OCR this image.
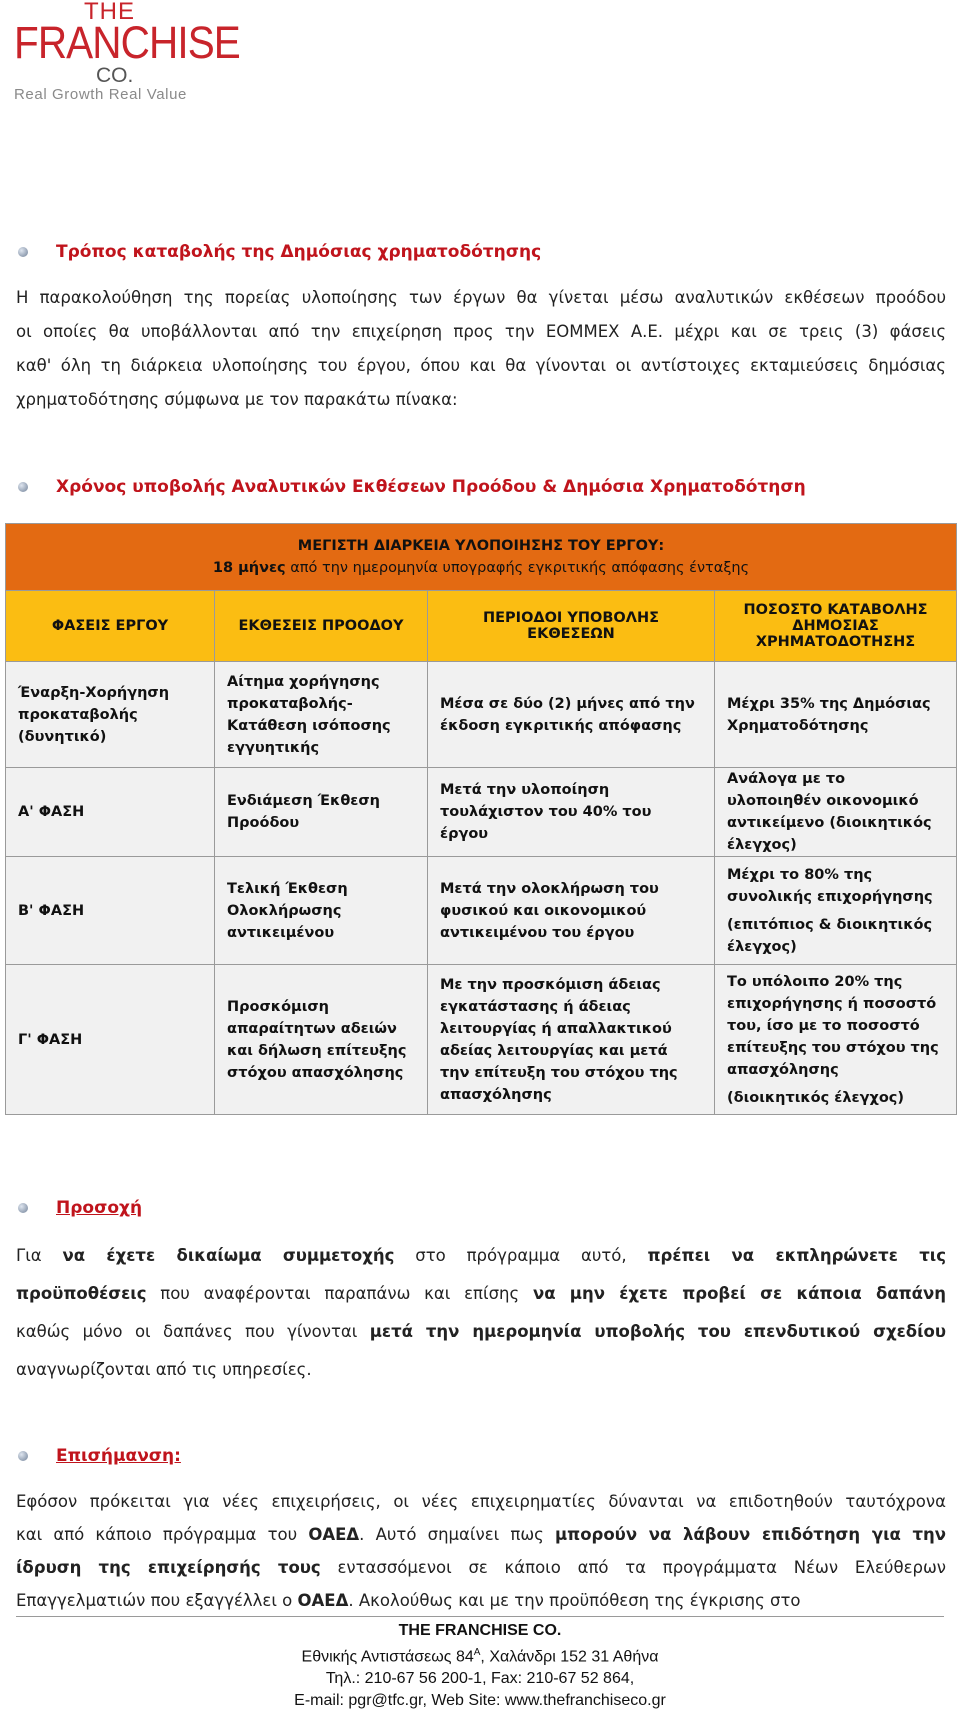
THE
FRANCHISE
CO.
Real Growth Real Value
Τρόπος καταβολής της Δημόσιας χρηματοδότησης
Η παρακολούθηση της πορείας υλοποίησης των έργων θα γίνεται μέσω αναλυτικών εκθέσεων προόδου
οι οποίες θα υποβάλλονται από την επιχείρηση προς την ΕΟΜΜΕΧ Α.Ε. μέχρι και σε τρεις (3) φάσεις
καθ' όλη τη διάρκεια υλοποίησης του έργου, όπου και θα γίνονται οι αντίστοιχες εκταμιεύσεις δημόσιας
χρηματοδότησης σύμφωνα με τον παρακάτω πίνακα:
Χρόνος υποβολής Αναλυτικών Εκθέσεων Προόδου & Δημόσια Χρηματοδότηση
ΜΕΓΙΣΤΗ ΔΙΑΡΚΕΙΑ ΥΛΟΠΟΙΗΣΗΣ ΤΟΥ ΕΡΓΟΥ:
18 μήνες από την ημερομηνία υπογραφής εγκριτικής απόφασης ένταξης			

ΦΑΣΕΙΣ ΕΡΓΟΥ	ΕΚΘΕΣΕΙΣ ΠΡΟΟΔΟΥ	ΠΕΡΙΟΔΟΙ ΥΠΟΒΟΛΗΣ ΕΚΘΕΣΕΩΝ	ΠΟΣΟΣΤΟ ΚΑΤΑΒΟΛΗΣ ΔΗΜΟΣΙΑΣ ΧΡΗΜΑΤΟΔΟΤΗΣΗΣ
Έναρξη-Χορήγηση προκαταβολής (δυνητικό)	Αίτημα χορήγησης προκαταβολής- Κατάθεση ισόποσης εγγυητικής	Μέσα σε δύο (2) μήνες από την έκδοση εγκριτικής απόφασης	Μέχρι 35% της Δημόσιας Χρηματοδότησης
Α' ΦΑΣΗ	Ενδιάμεση Έκθεση Προόδου	Μετά την υλοποίηση τουλάχιστον του 40% του έργου	Ανάλογα με το υλοποιηθέν οικονομικό αντικείμενο (διοικητικός έλεγχος)
Β' ΦΑΣΗ	Τελική Έκθεση Ολοκλήρωσης αντικειμένου	Μετά την ολοκλήρωση του φυσικού και οικονομικού αντικειμένου του έργου	Μέχρι το 80% της συνολικής επιχορήγησης
(επιτόπιος & διοικητικός έλεγχος)

Γ' ΦΑΣΗ	Προσκόμιση απαραίτητων αδειών και δήλωση επίτευξης στόχου απασχόλησης	Με την προσκόμιση άδειας εγκατάστασης ή άδειας λειτουργίας ή απαλλακτικού αδείας λειτουργίας και μετά την επίτευξη του στόχου της απασχόλησης	Το υπόλοιπο 20% της επιχορήγησης ή ποσοστό του, ίσο με το ποσοστό επίτευξης του στόχου της απασχόλησης
(διοικητικός έλεγχος)
Προσοχή
Για να έχετε δικαίωμα συμμετοχής στο πρόγραμμα αυτό, πρέπει να εκπληρώνετε τις
προϋποθέσεις που αναφέρονται παραπάνω και επίσης να μην έχετε προβεί σε κάποια δαπάνη
καθώς μόνο οι δαπάνες που γίνονται μετά την ημερομηνία υποβολής του επενδυτικού σχεδίου
αναγνωρίζονται από τις υπηρεσίες.
Επισήμανση:
Εφόσον πρόκειται για νέες επιχειρήσεις, οι νέες επιχειρηματίες δύνανται να επιδοτηθούν ταυτόχρονα
και από κάποιο πρόγραμμα του ΟΑΕΔ. Αυτό σημαίνει πως μπορούν να λάβουν επιδότηση για την
ίδρυση της επιχείρησής τους εντασσόμενοι σε κάποιο από τα προγράμματα Νέων Ελεύθερων
Επαγγελματιών που εξαγγέλλει ο ΟΑΕΔ. Ακολούθως και με την προϋπόθεση της έγκρισης στο
THE FRANCHISE CO.
Εθνικής Αντιστάσεως $84^A$, Χαλάνδρι 152 31 Αθήνα
Τηλ.: 210-67 56 200-1, Fax: 210-67 52 864,
E-mail: pgr@tfc.gr, Web Site: www.thefranchiseco.gr
